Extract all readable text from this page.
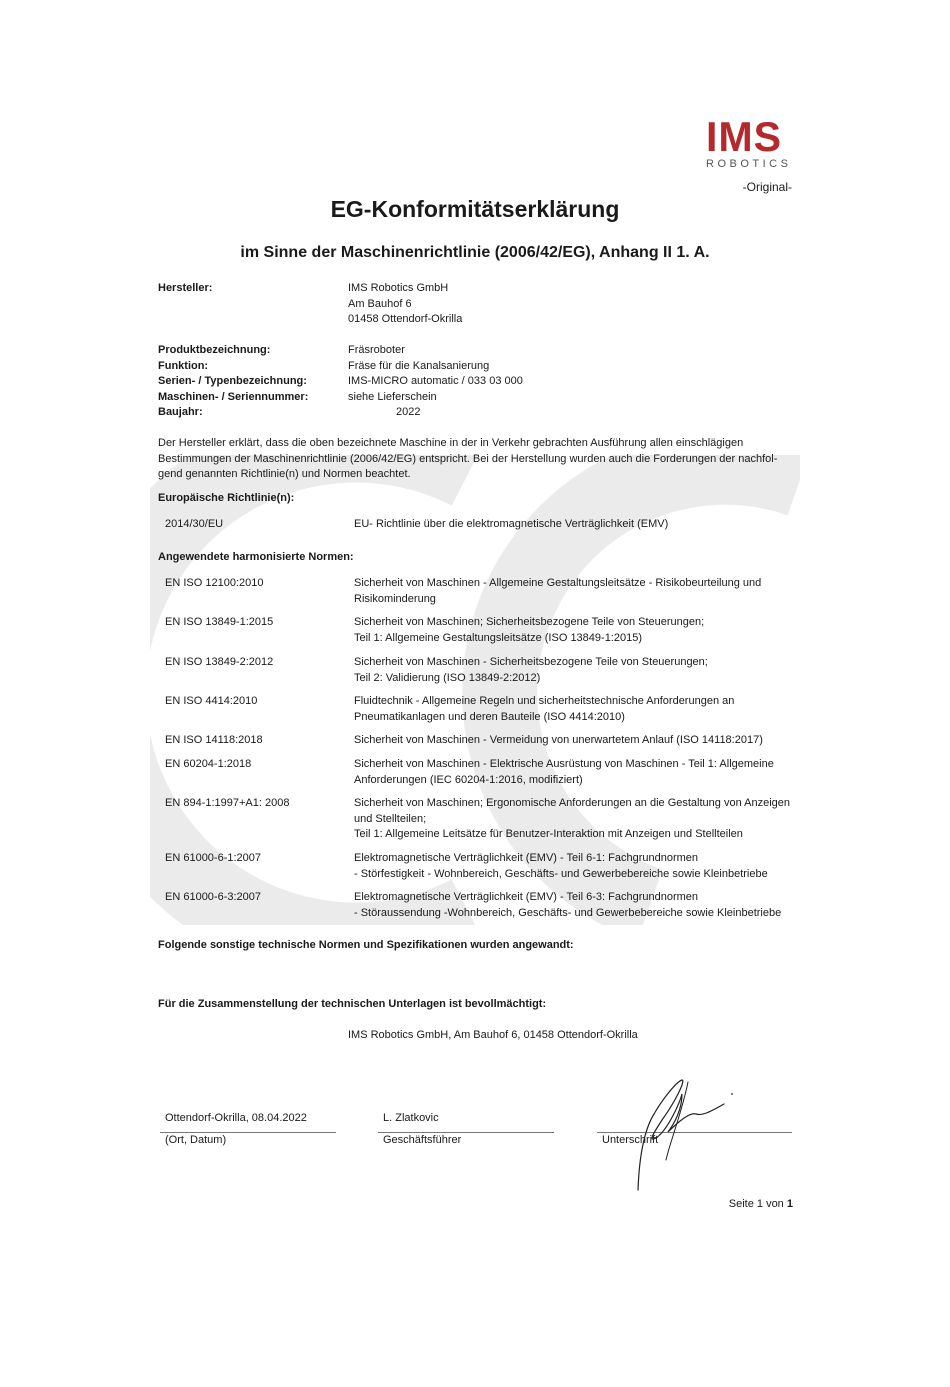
IMS
ROBOTICS
-Original-
EG-Konformitätserklärung
im Sinne der Maschinenrichtlinie (2006/42/EG), Anhang II 1. A.
Hersteller:	IMS Robotics GmbH
Am Bauhof 6
01458 Ottendorf-Okrilla
Produktbezeichnung:	Fräsroboter
Funktion:	Fräse für die Kanalsanierung
Serien- / Typenbezeichnung:	IMS-MICRO automatic / 033 03 000
Maschinen- / Seriennummer:	siehe Lieferschein
Baujahr:	2022
Der Hersteller erklärt, dass die oben bezeichnete Maschine in der in Verkehr gebrachten Ausführung allen einschlägigen Bestimmungen der Maschinenrichtlinie (2006/42/EG) entspricht. Bei der Herstellung wurden auch die Forderungen der nachfol-gend genannten Richtlinie(n) und Normen beachtet.
Europäische Richtlinie(n):
2014/30/EU	EU- Richtlinie über die elektromagnetische Verträglichkeit (EMV)
Angewendete harmonisierte Normen:
EN ISO 12100:2010	Sicherheit von Maschinen - Allgemeine Gestaltungsleitsätze - Risikobeurteilung und Risikominderung
EN ISO 13849-1:2015	Sicherheit von Maschinen; Sicherheitsbezogene Teile von Steuerungen;
Teil 1: Allgemeine Gestaltungsleitsätze (ISO 13849-1:2015)
EN ISO 13849-2:2012	Sicherheit von Maschinen - Sicherheitsbezogene Teile von Steuerungen;
Teil 2: Validierung (ISO 13849-2:2012)
EN ISO 4414:2010	Fluidtechnik - Allgemeine Regeln und sicherheitstechnische Anforderungen an Pneumatikanlagen und deren Bauteile (ISO 4414:2010)
EN ISO 14118:2018	Sicherheit von Maschinen - Vermeidung von unerwartetem Anlauf (ISO 14118:2017)
EN 60204-1:2018	Sicherheit von Maschinen - Elektrische Ausrüstung von Maschinen - Teil 1: Allgemeine Anforderungen (IEC 60204-1:2016, modifiziert)
EN 894-1:1997+A1: 2008	Sicherheit von Maschinen; Ergonomische Anforderungen an die Gestaltung von Anzeigen und Stellteilen;
Teil 1: Allgemeine Leitsätze für Benutzer-Interaktion mit Anzeigen und Stellteilen
EN 61000-6-1:2007	Elektromagnetische Verträglichkeit (EMV) - Teil 6-1: Fachgrundnormen
- Störfestigkeit - Wohnbereich, Geschäfts- und Gewerbebereiche sowie Kleinbetriebe
EN 61000-6-3:2007	Elektromagnetische Verträglichkeit (EMV) - Teil 6-3: Fachgrundnormen
- Störaussendung -Wohnbereich, Geschäfts- und Gewerbebereiche sowie Kleinbetriebe
Folgende sonstige technische Normen und Spezifikationen wurden angewandt:
Für die Zusammenstellung der technischen Unterlagen ist bevollmächtigt:
IMS Robotics GmbH, Am Bauhof 6, 01458 Ottendorf-Okrilla
Ottendorf-Okrilla, 08.04.2022
(Ort, Datum)
L. Zlatkovic
Geschäftsführer	Unterschrift
Seite 1 von 1
